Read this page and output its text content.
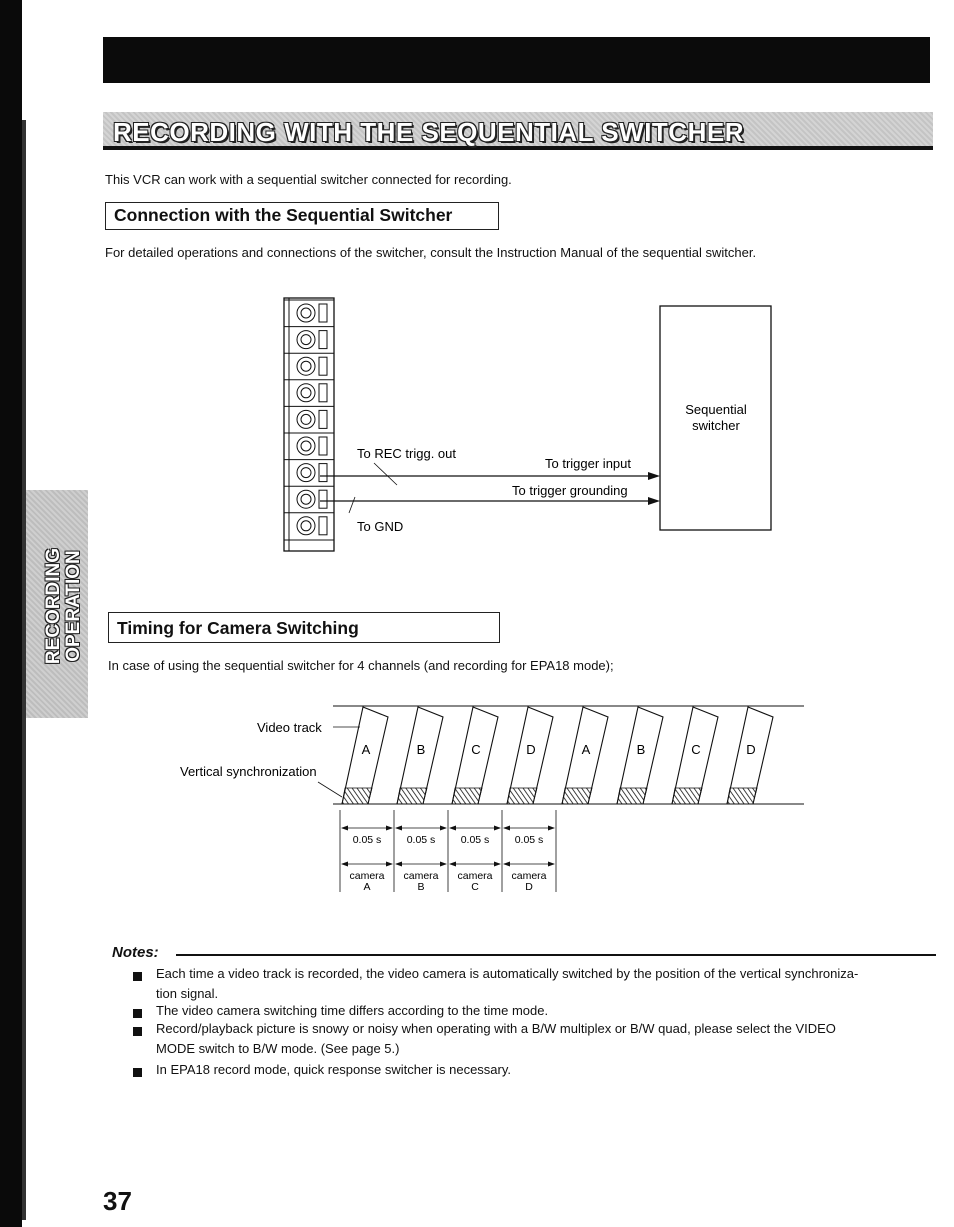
RECORDING WITH THE SEQUENTIAL SWITCHER
This VCR can work with a sequential switcher connected for recording.
Connection with the Sequential Switcher
For detailed operations and connections of the switcher, consult the Instruction Manual of the sequential switcher.
To REC trigg. out
To GND
To trigger input
To trigger grounding
Sequential
switcher
RECORDING OPERATION Timing for Camera Switching
In case of using the sequential switcher for 4 channels (and recording for EPA18 mode);
A	B	C	D	A	B	C	D
0.05 s 0.05 s 0.05 s 0.05 s
camera
A
camera
B
camera
C
camera
D
Video track
Vertical synchronization
Notes:
Each time a video track is recorded, the video camera is automatically switched by the position of the vertical synchroniza-
tion signal.
The video camera switching time differs according to the time mode.
Record/playback picture is snowy or noisy when operating with a B/W multiplex or B/W quad, please select the VIDEO
MODE switch to B/W mode. (See page 5.)
In EPA18 record mode, quick response switcher is necessary.
37
